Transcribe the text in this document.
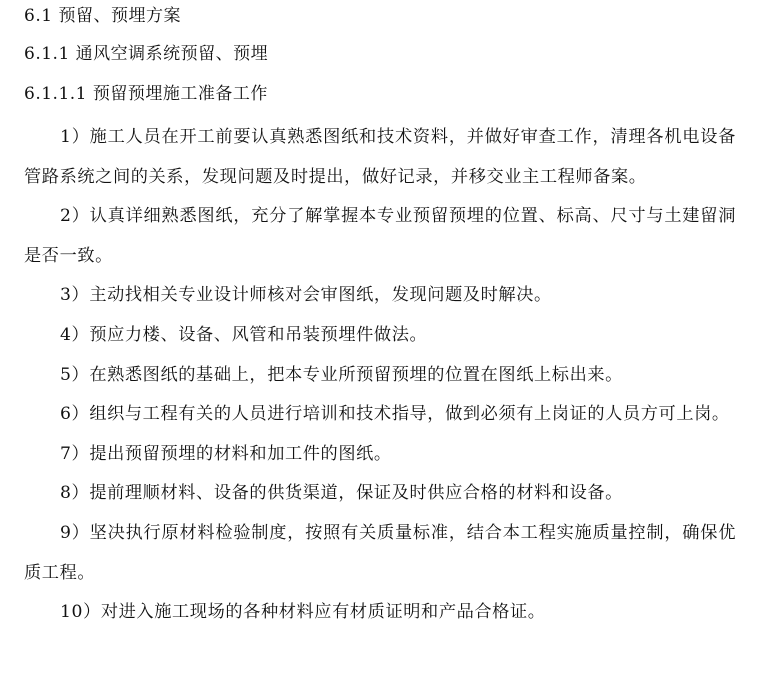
6.1 预留、预埋方案
6.1.1 通风空调系统预留、预埋
6.1.1.1 预留预埋施工准备工作

1）施工人员在开工前要认真熟悉图纸和技术资料，并做好审查工作，清理各机电设备管路系统之间的关系，发现问题及时提出，做好记录，并移交业主工程师备案。

2）认真详细熟悉图纸，充分了解掌握本专业预留预埋的位置、标高、尺寸与土建留洞是否一致。

3）主动找相关专业设计师核对会审图纸，发现问题及时解决。

4）预应力楼、设备、风管和吊装预埋件做法。

5）在熟悉图纸的基础上，把本专业所预留预埋的位置在图纸上标出来。

6）组织与工程有关的人员进行培训和技术指导，做到必须有上岗证的人员方可上岗。

7）提出预留预埋的材料和加工件的图纸。

8）提前理顺材料、设备的供货渠道，保证及时供应合格的材料和设备。

9）坚决执行原材料检验制度，按照有关质量标准，结合本工程实施质量控制，确保优质工程。

10）对进入施工现场的各种材料应有材质证明和产品合格证。
